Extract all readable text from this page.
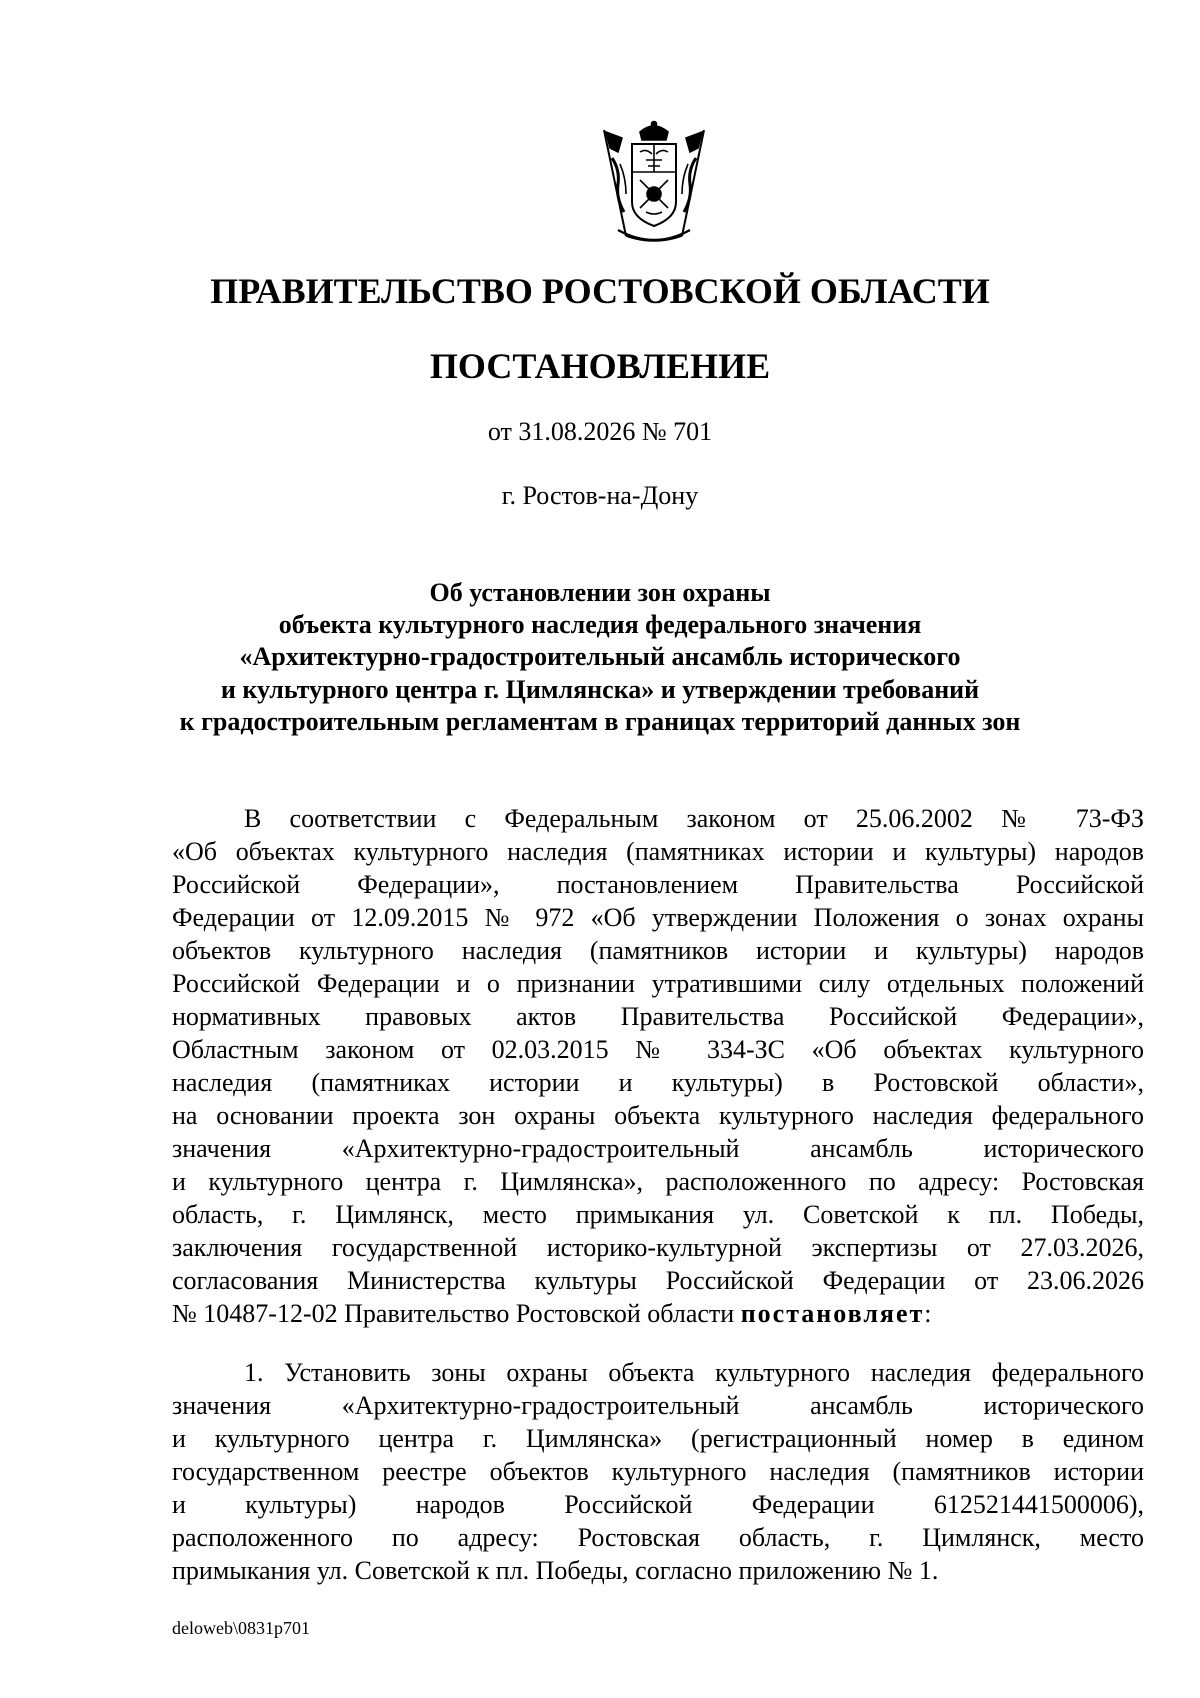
ПРАВИТЕЛЬСТВО РОСТОВСКОЙ ОБЛАСТИ
ПОСТАНОВЛЕНИЕ
от 31.08.2026 № 701
г. Ростов-на-Дону
Об установлении зон охраны
объекта культурного наследия федерального значения
«Архитектурно-градостроительный ансамбль исторического
и культурного центра г. Цимлянска» и утверждении требований
к градостроительным регламентам в границах территорий данных зон
В соответствии с Федеральным законом от 25.06.2002 № 73-ФЗ
«Об объектах культурного наследия (памятниках истории и культуры) народов
Российской Федерации», постановлением Правительства Российской
Федерации от 12.09.2015 № 972 «Об утверждении Положения о зонах охраны
объектов культурного наследия (памятников истории и культуры) народов
Российской Федерации и о признании утратившими силу отдельных положений
нормативных правовых актов Правительства Российской Федерации»,
Областным законом от 02.03.2015 № 334-ЗС «Об объектах культурного
наследия (памятниках истории и культуры) в Ростовской области»,
на основании проекта зон охраны объекта культурного наследия федерального
значения «Архитектурно-градостроительный ансамбль исторического
и культурного центра г. Цимлянска», расположенного по адресу: Ростовская
область, г. Цимлянск, место примыкания ул. Советской к пл. Победы,
заключения государственной историко-культурной экспертизы от 27.03.2026,
согласования Министерства культуры Российской Федерации от 23.06.2026
№ 10487-12-02 Правительство Ростовской области постановляет:
1. Установить зоны охраны объекта культурного наследия федерального
значения «Архитектурно-градостроительный ансамбль исторического
и культурного центра г. Цимлянска» (регистрационный номер в едином
государственном реестре объектов культурного наследия (памятников истории
и культуры) народов Российской Федерации 612521441500006),
расположенного по адресу: Ростовская область, г. Цимлянск, место
примыкания ул. Советской к пл. Победы, согласно приложению № 1.
deloweb\0831p701
